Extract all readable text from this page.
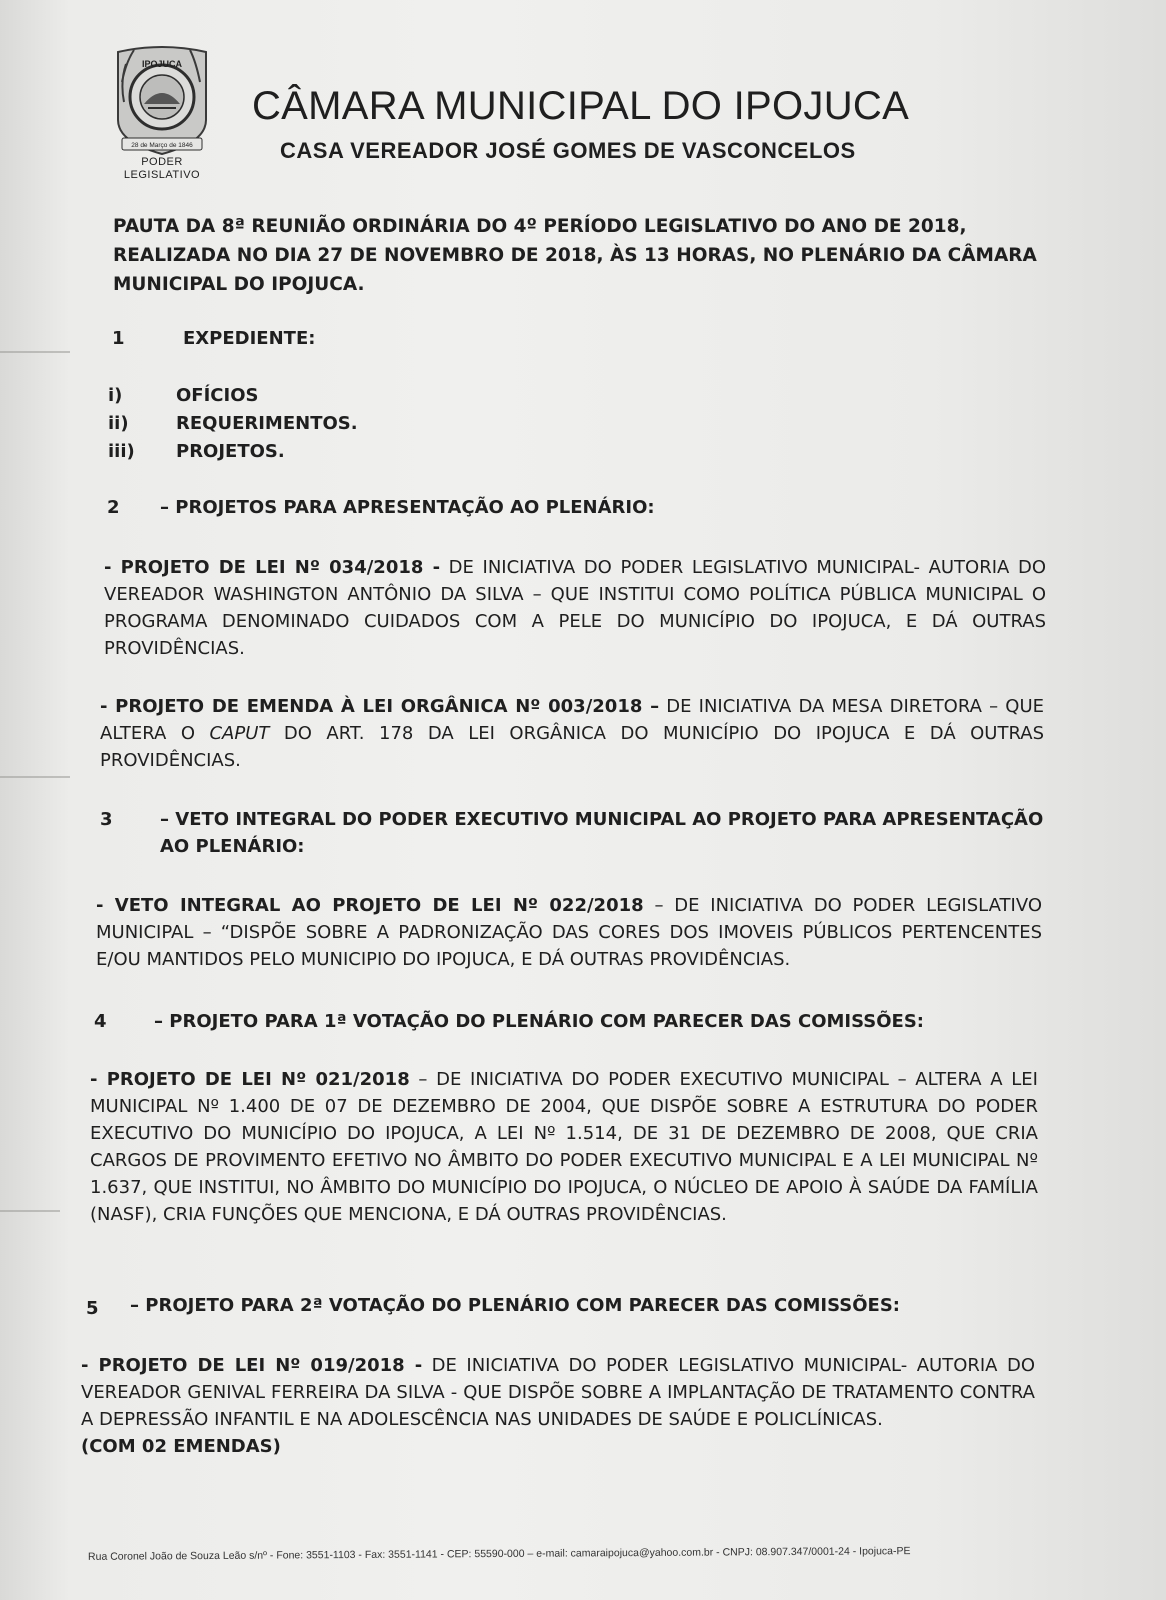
IPOJUCA
28 de Março de 1846
PODER
LEGISLATIVO
CÂMARA MUNICIPAL DO IPOJUCA
CASA VEREADOR JOSÉ GOMES DE VASCONCELOS

PAUTA DA 8ª REUNIÃO ORDINÁRIA DO 4º PERÍODO LEGISLATIVO DO ANO DE 2018, REALIZADA NO DIA 27 DE NOVEMBRO DE 2018, ÀS 13 HORAS, NO PLENÁRIO DA CÂMARA MUNICIPAL DO IPOJUCA.

1	EXPEDIENTE:
i)	OFÍCIOS
ii)	REQUERIMENTOS.
iii) PROJETOS.
2 – PROJETOS PARA APRESENTAÇÃO AO PLENÁRIO:

- PROJETO DE LEI Nº 034/2018 - DE INICIATIVA DO PODER LEGISLATIVO MUNICIPAL- AUTORIA DO VEREADOR WASHINGTON ANTÔNIO DA SILVA – QUE INSTITUI COMO POLÍTICA PÚBLICA MUNICIPAL O PROGRAMA DENOMINADO CUIDADOS COM A PELE DO MUNICÍPIO DO IPOJUCA, E DÁ OUTRAS PROVIDÊNCIAS.

- PROJETO DE EMENDA À LEI ORGÂNICA Nº 003/2018 – DE INICIATIVA DA MESA DIRETORA – QUE ALTERA O CAPUT DO ART. 178 DA LEI ORGÂNICA DO MUNICÍPIO DO IPOJUCA E DÁ OUTRAS PROVIDÊNCIAS.

3	– VETO INTEGRAL DO PODER EXECUTIVO MUNICIPAL AO PROJETO PARA APRESENTAÇÃO AO PLENÁRIO:

- VETO INTEGRAL AO PROJETO DE LEI Nº 022/2018 – DE INICIATIVA DO PODER LEGISLATIVO MUNICIPAL – “DISPÕE SOBRE A PADRONIZAÇÃO DAS CORES DOS IMOVEIS PÚBLICOS PERTENCENTES E/OU MANTIDOS PELO MUNICIPIO DO IPOJUCA, E DÁ OUTRAS PROVIDÊNCIAS.

4	– PROJETO PARA 1ª VOTAÇÃO DO PLENÁRIO COM PARECER DAS COMISSÕES:

- PROJETO DE LEI Nº 021/2018 – DE INICIATIVA DO PODER EXECUTIVO MUNICIPAL – ALTERA A LEI MUNICIPAL Nº 1.400 DE 07 DE DEZEMBRO DE 2004, QUE DISPÕE SOBRE A ESTRUTURA DO PODER EXECUTIVO DO MUNICÍPIO DO IPOJUCA, A LEI Nº 1.514, DE 31 DE DEZEMBRO DE 2008, QUE CRIA CARGOS DE PROVIMENTO EFETIVO NO ÂMBITO DO PODER EXECUTIVO MUNICIPAL E A LEI MUNICIPAL Nº 1.637, QUE INSTITUI, NO ÂMBITO DO MUNICÍPIO DO IPOJUCA, O NÚCLEO DE APOIO À SAÚDE DA FAMÍLIA (NASF), CRIA FUNÇÕES QUE MENCIONA, E DÁ OUTRAS PROVIDÊNCIAS.

5 – PROJETO PARA 2ª VOTAÇÃO DO PLENÁRIO COM PARECER DAS COMISSÕES:

- PROJETO DE LEI Nº 019/2018 - DE INICIATIVA DO PODER LEGISLATIVO MUNICIPAL- AUTORIA DO VEREADOR GENIVAL FERREIRA DA SILVA - QUE DISPÕE SOBRE A IMPLANTAÇÃO DE TRATAMENTO CONTRA A DEPRESSÃO INFANTIL E NA ADOLESCÊNCIA NAS UNIDADES DE SAÚDE E POLICLÍNICAS.
(COM 02 EMENDAS)

Rua Coronel João de Souza Leão s/nº - Fone: 3551-1103 - Fax: 3551-1141 - CEP: 55590-000 – e-mail: camaraipojuca@yahoo.com.br - CNPJ: 08.907.347/0001-24 - Ipojuca-PE
